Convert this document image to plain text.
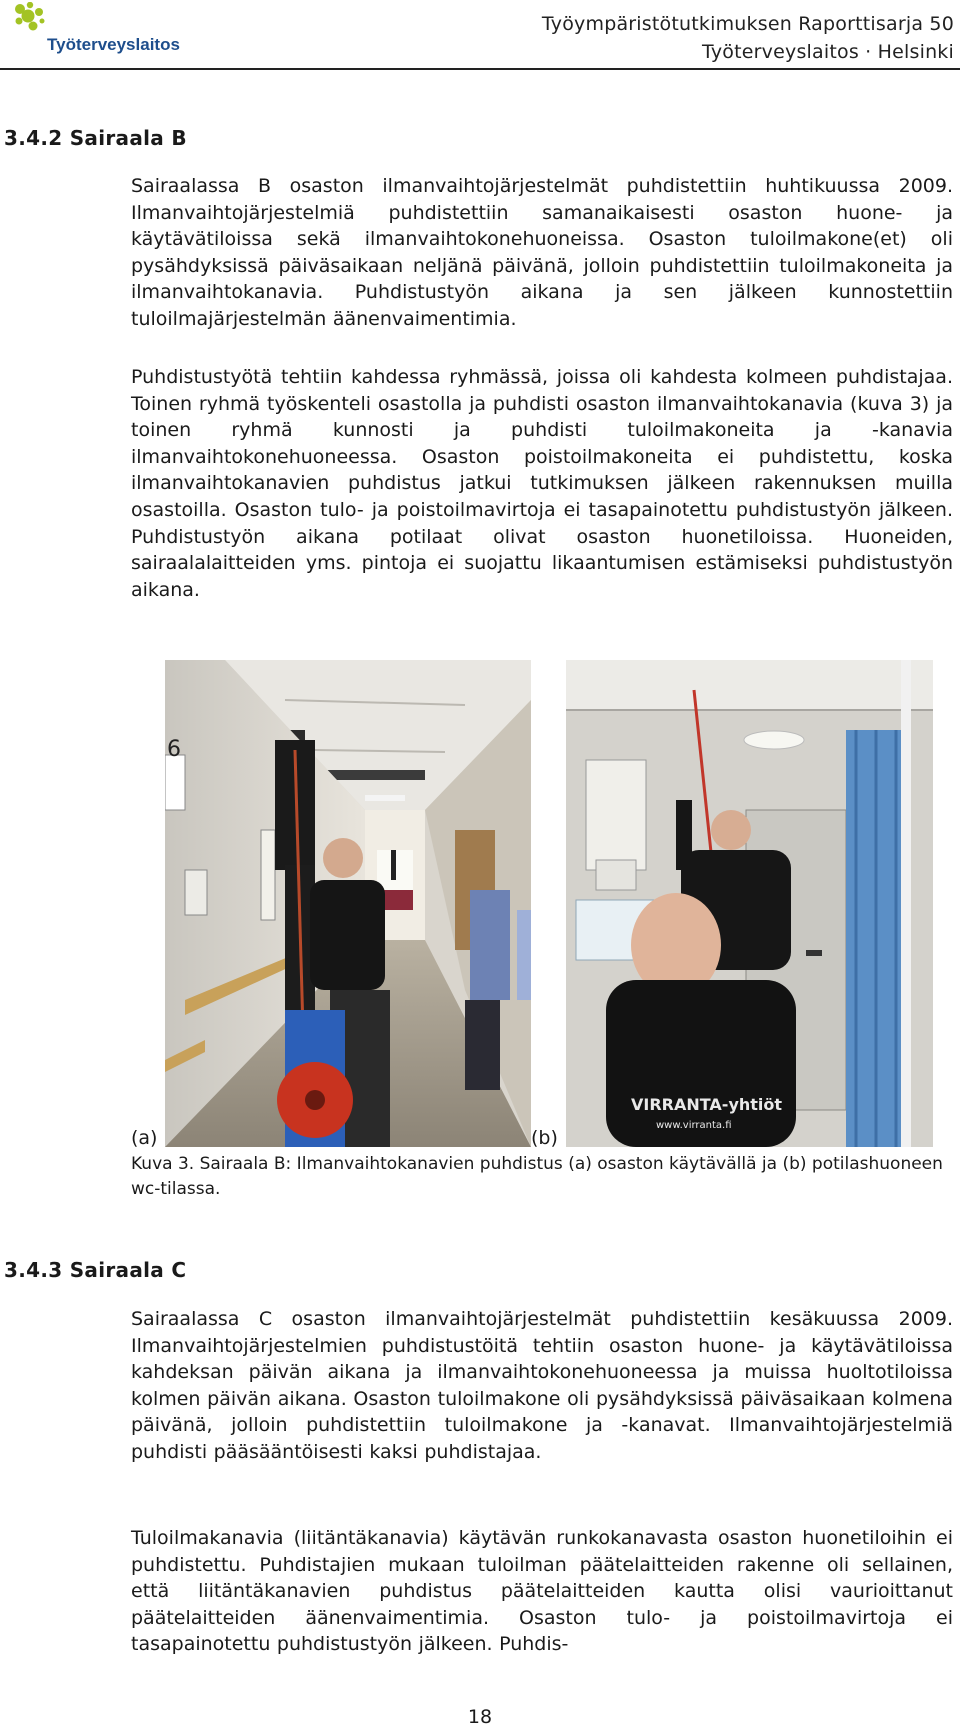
Työterveyslaitos
Työympäristötutkimuksen Raporttisarja 50
Työterveyslaitos · Helsinki
3.4.2 Sairaala B

Sairaalassa B osaston ilmanvaihtojärjestelmät puhdistettiin huhtikuussa 2009. Ilmanvaihtojärjestelmiä puhdistettiin samanaikaisesti osaston huone- ja käytävätiloissa sekä ilmanvaihtokonehuoneissa. Osaston tuloilmakone(et) oli pysähdyksissä päiväsaikaan neljänä päivänä, jolloin puhdistettiin tuloilmakoneita ja ilmanvaihtokanavia. Puhdistustyön aikana ja sen jälkeen kunnostettiin tuloilmajärjestelmän äänenvaimentimia.

Puhdistustyötä tehtiin kahdessa ryhmässä, joissa oli kahdesta kolmeen puhdistajaa. Toinen ryhmä työskenteli osastolla ja puhdisti osaston ilmanvaihtokanavia (kuva 3) ja toinen ryhmä kunnosti ja puhdisti tuloilmakoneita ja -kanavia ilmanvaihtokonehuoneessa. Osaston poistoilmakoneita ei puhdistettu, koska ilmanvaihtokanavien puhdistus jatkui tutkimuksen jälkeen rakennuksen muilla osastoilla. Osaston tulo- ja poistoilmavirtoja ei tasapainotettu puhdistustyön jälkeen. Puhdistustyön aikana potilaat olivat osaston huonetiloissa. Huoneiden, sairaalalaitteiden yms. pintoja ei suojattu likaantumisen estämiseksi puhdistustyön aikana.

6
VIRRANTA-yhtiöt
www.virranta.fi
(a)	(b)

Kuva 3. Sairaala B: Ilmanvaihtokanavien puhdistus (a) osaston käytävällä ja (b) potilashuoneen wc-tilassa.

3.4.3 Sairaala C

Sairaalassa C osaston ilmanvaihtojärjestelmät puhdistettiin kesäkuussa 2009. Ilmanvaihtojärjestelmien puhdistustöitä tehtiin osaston huone- ja käytävätiloissa kahdeksan päivän aikana ja ilmanvaihtokonehuoneessa ja muissa huoltotiloissa kolmen päivän aikana. Osaston tuloilmakone oli pysähdyksissä päiväsaikaan kolmena päivänä, jolloin puhdistettiin tuloilmakone ja -kanavat. Ilmanvaihtojärjestelmiä puhdisti pääsääntöisesti kaksi puhdistajaa.

Tuloilmakanavia (liitäntäkanavia) käytävän runkokanavasta osaston huonetiloihin ei puhdistettu. Puhdistajien mukaan tuloilman päätelaitteiden rakenne oli sellainen, että liitäntäkanavien puhdistus päätelaitteiden kautta olisi vaurioittanut päätelaitteiden äänenvaimentimia. Osaston tulo- ja poistoilmavirtoja ei tasapainotettu puhdistustyön jälkeen. Puhdis-

18
